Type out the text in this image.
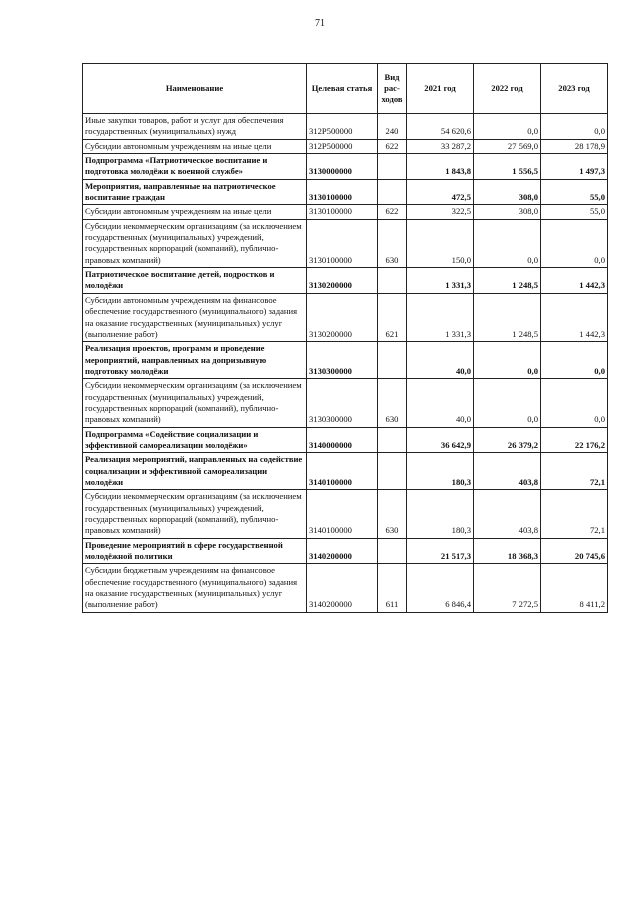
71
Наименование	Целевая статья	Вид рас- ходов	2021 год	2022 год	2023 год
Иные закупки товаров, работ и услуг для обеспечения государственных (муниципальных) нужд	312P500000	240	54 620,6	0,0	0,0
Субсидии автономным учреждениям на иные цели	312P500000	622	33 287,2	27 569,0	28 178,9
Подпрограмма «Патриотическое воспитание и подготовка молодёжи к военной службе»	3130000000		1 843,8	1 556,5	1 497,3
Мероприятия, направленные на патриотическое воспитание граждан	3130100000		472,5	308,0	55,0
Субсидии автономным учреждениям на иные цели	3130100000	622	322,5	308,0	55,0
Субсидии некоммерческим организациям (за исключением государственных (муниципальных) учреждений, государственных корпораций (компаний), публично-правовых компаний)	3130100000	630	150,0	0,0	0,0
Патриотическое воспитание детей, подростков и молодёжи	3130200000		1 331,3	1 248,5	1 442,3
Субсидии автономным учреждениям на финансовое обеспечение государственного (муниципального) задания на оказание государственных (муниципальных) услуг (выполнение работ)	3130200000	621	1 331,3	1 248,5	1 442,3
Реализация проектов, программ и проведение мероприятий, направленных на допризывную подготовку молодёжи	3130300000		40,0	0,0	0,0
Субсидии некоммерческим организациям (за исключением государственных (муниципальных) учреждений, государственных корпораций (компаний), публично-правовых компаний)	3130300000	630	40,0	0,0	0,0
Подпрограмма «Содействие социализации и эффективной самореализации молодёжи»	3140000000		36 642,9	26 379,2	22 176,2
Реализация мероприятий, направленных на содействие социализации и эффективной самореализации молодёжи	3140100000		180,3	403,8	72,1
Субсидии некоммерческим организациям (за исключением государственных (муниципальных) учреждений, государственных корпораций (компаний), публично-правовых компаний)	3140100000	630	180,3	403,8	72,1
Проведение мероприятий в сфере государственной молодёжной политики	3140200000		21 517,3	18 368,3	20 745,6
Субсидии бюджетным учреждениям на финансовое обеспечение государственного (муниципального) задания на оказание государственных (муниципальных) услуг (выполнение работ)	3140200000	611	6 846,4	7 272,5	8 411,2
